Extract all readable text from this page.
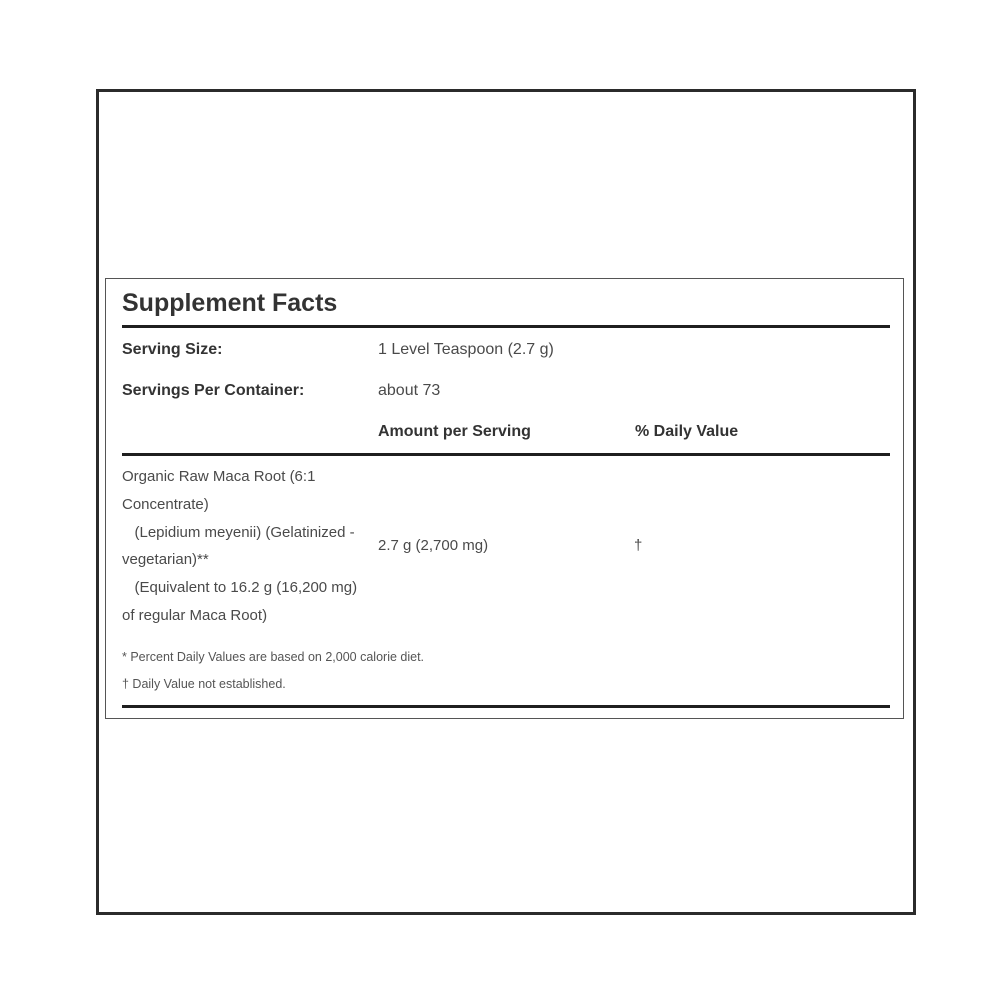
Supplement Facts
Serving Size:	1 Level Teaspoon (2.7 g)
Servings Per Container:	about 73
Amount per Serving	% Daily Value
Organic Raw Maca Root (6:1
Concentrate)
(Lepidium meyenii) (Gelatinized -
vegetarian)**
(Equivalent to 16.2 g (16,200 mg)
of regular Maca Root)
2.7 g (2,700 mg)	†
* Percent Daily Values are based on 2,000 calorie diet.
† Daily Value not established.
